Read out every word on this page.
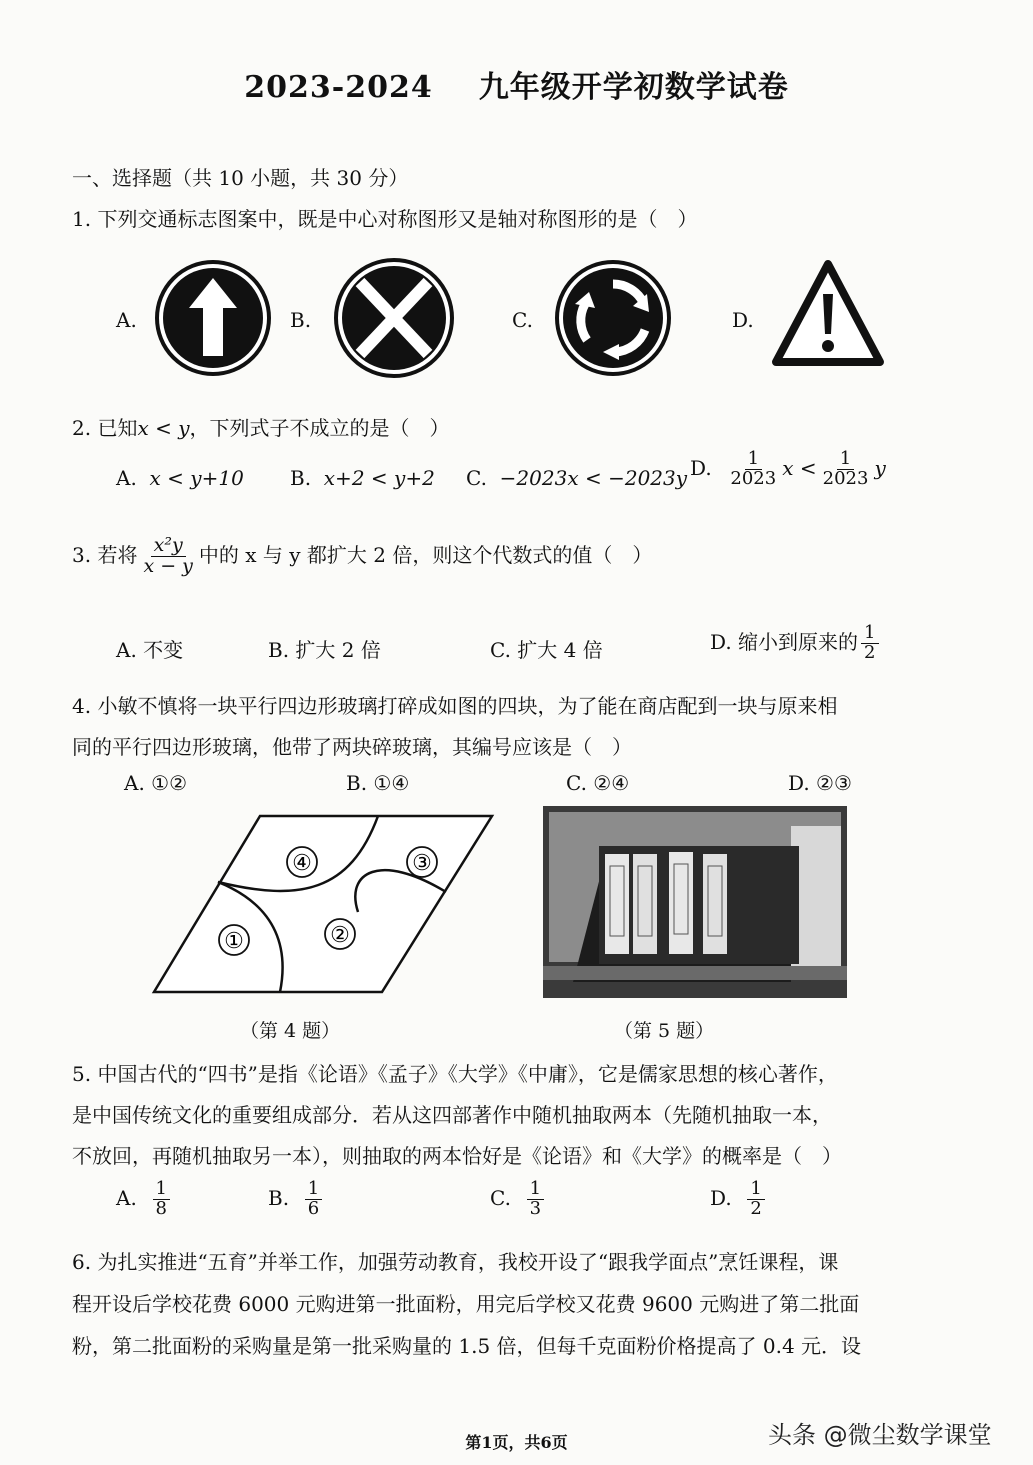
2023-2024 九年级开学初数学试卷
一、选择题（共 10 小题，共 30 分）
1. 下列交通标志图案中，既是中心对称图形又是轴对称图形的是（　）
A.	B.	C.	D.
2. 已知x < y，下列式子不成立的是（　）
A. x < y+10 B. x+2 < y+2 C. −2023x < −2023y D. $\frac{1}{2023}$ $x < \frac{1}{2023}$ y
3. 若将 $\frac{\text{x²y}}{x - y}$ 中的 x 与 y 都扩大 2 倍，则这个代数式的值（　）
A. 不变	B. 扩大 2 倍	C. 扩大 4 倍	D. 缩小到原来的 $\frac{1}{2}$
4. 小敏不慎将一块平行四边形玻璃打碎成如图的四块，为了能在商店配到一块与原来相
同的平行四边形玻璃，他带了两块碎玻璃，其编号应该是（　）
A. ①②	B. ①④	C. ②④	D. ②③
①	②
③
④
（第 4 题）	（第 5 题）
5. 中国古代的“四书”是指《论语》《孟子》《大学》《中庸》，它是儒家思想的核心著作，
是中国传统文化的重要组成部分．若从这四部著作中随机抽取两本（先随机抽取一本，
不放回，再随机抽取另一本），则抽取的两本恰好是《论语》和《大学》的概率是（　）
A. $\frac{1}{8}$	B. $\frac{1}{6}$	C. $\frac{1}{3}$	D. $\frac{1}{2}$
6. 为扎实推进“五育”并举工作，加强劳动教育，我校开设了“跟我学面点”烹饪课程，课
程开设后学校花费 6000 元购进第一批面粉，用完后学校又花费 9600 元购进了第二批面
粉，第二批面粉的采购量是第一批采购量的 1.5 倍，但每千克面粉价格提高了 0.4 元．设
第1页，共6页	头条 @微尘数学课堂
